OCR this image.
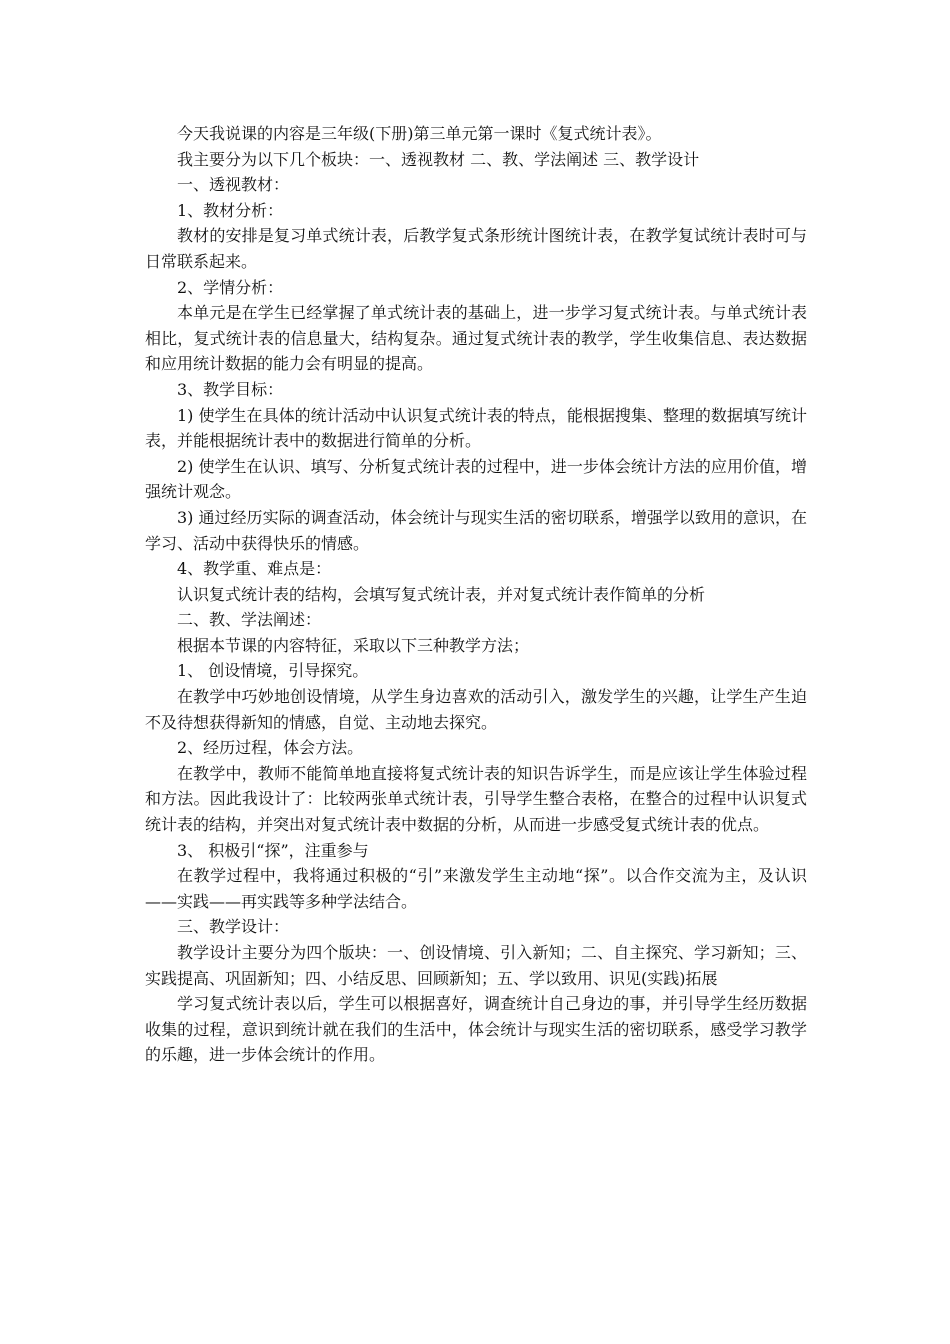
今天我说课的内容是三年级(下册)第三单元第一课时《复式统计表》。

我主要分为以下几个板块：一、透视教材 二、教、学法阐述 三、教学设计

一、透视教材：

1、教材分析：

教材的安排是复习单式统计表，后教学复式条形统计图统计表，在教学复试统计表时可与日常联系起来。

2、学情分析：

本单元是在学生已经掌握了单式统计表的基础上，进一步学习复式统计表。与单式统计表相比，复式统计表的信息量大，结构复杂。通过复式统计表的教学，学生收集信息、表达数据和应用统计数据的能力会有明显的提高。

3、教学目标：

1) 使学生在具体的统计活动中认识复式统计表的特点，能根据搜集、整理的数据填写统计表，并能根据统计表中的数据进行简单的分析。

2) 使学生在认识、填写、分析复式统计表的过程中，进一步体会统计方法的应用价值，增强统计观念。

3) 通过经历实际的调查活动，体会统计与现实生活的密切联系，增强学以致用的意识，在学习、活动中获得快乐的情感。

4、教学重、难点是：

认识复式统计表的结构，会填写复式统计表，并对复式统计表作简单的分析

二、教、学法阐述：

根据本节课的内容特征，采取以下三种教学方法；

1、 创设情境，引导探究。

在教学中巧妙地创设情境，从学生身边喜欢的活动引入，激发学生的兴趣，让学生产生迫不及待想获得新知的情感，自觉、主动地去探究。

2、经历过程，体会方法。

在教学中，教师不能简单地直接将复式统计表的知识告诉学生，而是应该让学生体验过程和方法。因此我设计了：比较两张单式统计表，引导学生整合表格，在整合的过程中认识复式统计表的结构，并突出对复式统计表中数据的分析，从而进一步感受复式统计表的优点。

3、 积极引“探”，注重参与

在教学过程中，我将通过积极的“引”来激发学生主动地“探”。以合作交流为主，及认识——实践——再实践等多种学法结合。

三、教学设计：

教学设计主要分为四个版块：一、创设情境、引入新知；二、自主探究、学习新知；三、实践提高、巩固新知；四、小结反思、回顾新知；五、学以致用、识见(实践)拓展

学习复式统计表以后，学生可以根据喜好，调查统计自己身边的事，并引导学生经历数据收集的过程，意识到统计就在我们的生活中，体会统计与现实生活的密切联系，感受学习教学的乐趣，进一步体会统计的作用。
